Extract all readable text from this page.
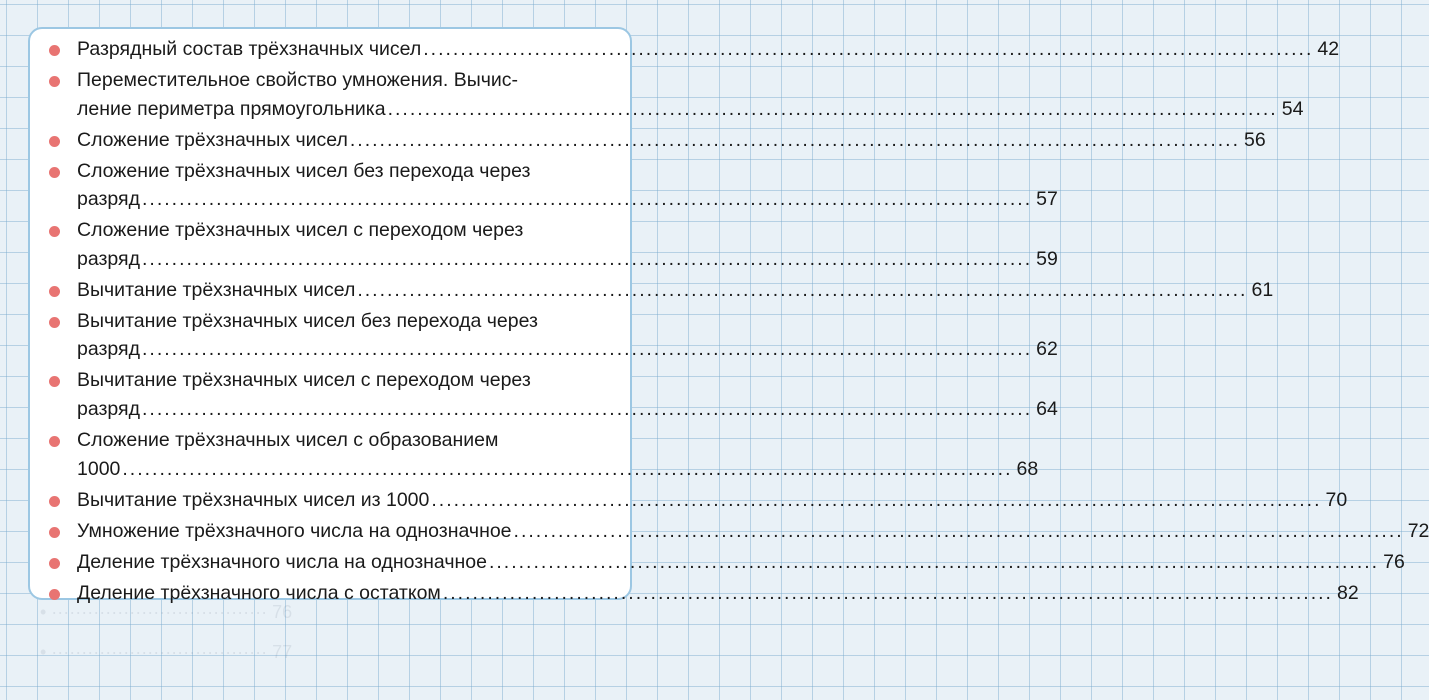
• ···································· 76
• ···································· 77
Разрядный состав трёхзначных чисел ........................................................................................................................ 42
Переместительное свойство умножения. Вычис-
ление периметра прямоугольника ........................................................................................................................ 54
Сложение трёхзначных чисел ........................................................................................................................ 56
Сложение трёхзначных чисел без перехода через
разряд ........................................................................................................................ 57
Сложение трёхзначных чисел с переходом через
разряд ........................................................................................................................ 59
Вычитание трёхзначных чисел ........................................................................................................................ 61
Вычитание трёхзначных чисел без перехода через
разряд ........................................................................................................................ 62
Вычитание трёхзначных чисел с переходом через
разряд ........................................................................................................................ 64
Сложение трёхзначных чисел с образованием
1000 ........................................................................................................................ 68
Вычитание трёхзначных чисел из 1000 ........................................................................................................................ 70
Умножение трёхзначного числа на однозначное ........................................................................................................................ 72
Деление трёхзначного числа на однозначное ........................................................................................................................ 76
Деление трёхзначного числа с остатком ........................................................................................................................ 82
